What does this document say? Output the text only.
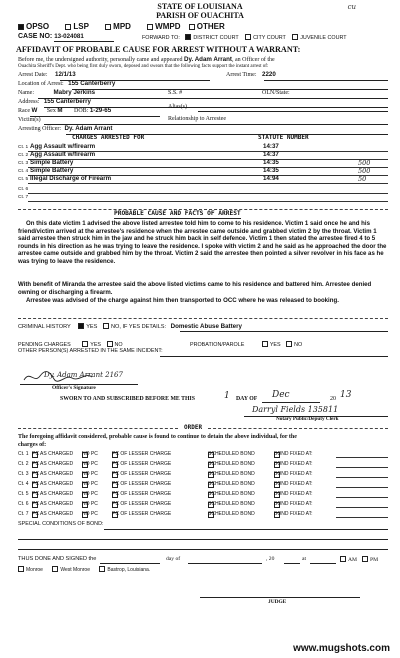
cu
STATE OF LOUISIANA
PARISH OF OUACHITA
OPSO	LSP	MPD	WMPD OTHER
CASE NO: 13-024081	FORWARD TO:	DISTRICT COURT	CITY COURT	JUVENILE COURT
AFFIDAVIT OF PROBABLE CAUSE FOR ARREST WITHOUT A WARRANT:
Before me, the undersigned authority, personally came and appeared Dy. Adam Arrant, an Officer of the
Ouachita Sheriff's Dept. who being first duly sworn, deposed and swears that the following facts support the instant arrest of:
Arrest Date: 12/1/13	Arrest Time: 2220
Location of Arrest: 155 Canterberry
Name:	Mabry Jerkins	S.S. #	OLN/State:
Address: 155 Canterberry
Race W Sex M DOB: 1-29-65	Alias(s)
Victim(s)	Relationship to Arrestee
Arresting Officer: Dy. Adam Arrant
CHARGES ARRESTED FOR	STATUTE NUMBER
Ct. 1 Agg Assault w/firearm	14:37
Ct. 2 Agg Assault w/firearm	14:37
Ct. 3 Simple Battery	14:35	500
Ct. 4 Simple Battery	14:35	500
Ct. 5 Illegal Discharge of Firearm	14:94	50
Ct. 6
Ct. 7
PROBABLE CAUSE AND FACTS OF ARREST
On this date victim 1 advised the above listed arrestee told him to come to his residence. Victim 1 said once he and his friend/victim arrived at the arrestee's residence when the arrestee came outside and grabbed victim 2 by the throat. Victim 1 said arrestee then struck him in the jaw and he struck him back in self defence. Victim 1 then stated the arrestee fired 4 to 5 rounds in his direction as he was trying to leave the residence. I spoke with victim 2 and he said as he approached the door the arrestee came outside and grabbed him by the throat. Victim 2 said the arrestee then pointed a silver revolver in his face as he was trying to leave the residence.
With benefit of Miranda the arrestee said the above listed victims came to his residence and battered him. Arrestee denied owning or discharging a firearm.
Arrestee was advised of the charge against him then transported to OCC where he was released to booking.
CRIMINAL HISTORY	YES NO, IF YES DETAILS: Domestic Abuse Battery
PENDING CHARGES	YES	NO	PROBATION/PAROLE	YES	NO
OTHER PERSON(S) ARRESTED IN THE SAME INCIDENT:
Dy. Adam Arrant 2167
Officer's Signature
SWORN TO AND SUBSCRIBED BEFORE ME THIS	1 DAY OF Dec	20 13
Darryl Fields 135811
Notary Public/Deputy Clerk
ORDER
The foregoing affidavit considered, probable cause is found to continue to detain the above individual, for the
charges of:
Ct. 1 PC AS CHARGED NO PC	PC OF LESSER CHARGE	SCHEDULED BOND	BOND FIXED AT:
Ct. 2 PC AS CHARGED NO PC	PC OF LESSER CHARGE	SCHEDULED BOND	BOND FIXED AT:
Ct. 3 PC AS CHARGED NO PC	PC OF LESSER CHARGE	SCHEDULED BOND	BOND FIXED AT:
Ct. 4 PC AS CHARGED NO PC	PC OF LESSER CHARGE	SCHEDULED BOND	BOND FIXED AT:
Ct. 5 PC AS CHARGED NO PC	PC OF LESSER CHARGE	SCHEDULED BOND	BOND FIXED AT:
Ct. 6 PC AS CHARGED NO PC	PC OF LESSER CHARGE	SCHEDULED BOND	BOND FIXED AT:
Ct. 7 PC AS CHARGED NO PC	PC OF LESSER CHARGE	SCHEDULED BOND	BOND FIXED AT:
SPECIAL CONDITIONS OF BOND:
THUS DONE AND SIGNED the	day of	, 20	at	AM	PM
Monroe	West Monroe	Bastrop, Louisiana.
JUDGE
www.mugshots.com
